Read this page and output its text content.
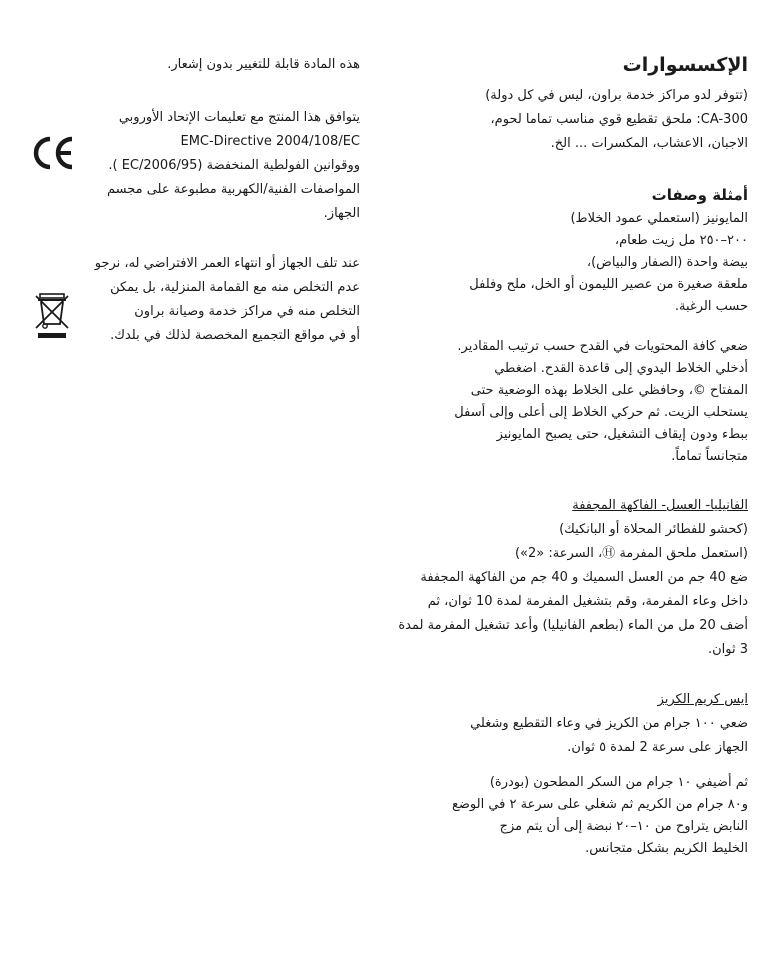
الإكسسوارات

(تتوفر لدو مراكز خدمة براون، ليس في كل دولة)

CA-300: ملحق تقطيع قوي مناسب تماما لحوم،

الاجبان، الاعشاب، المكسرات ... الخ.

أمثلة وصفات

المايونيز (استعملي عمود الخلاط)

٢٠٠–٢٥٠ مل زيت طعام،

بيضة واحدة (الصفار والبياض)،

ملعقة صغيرة من عصير الليمون أو الخل، ملح وفلفل

حسب الرغبة.

ضعي كافة المحتويات في القدح حسب ترتيب المقادير.

أدخلي الخلاط اليدوي إلى قاعدة القدح. اضغطي

المفتاح ©، وحافظي على الخلاط بهذه الوضعية حتى

يستحلب الزيت. ثم حركي الخلاط إلى أعلى وإلى أسفل

ببطء ودون إيقاف التشغيل، حتى يصبح المايونيز

متجانساً تماماً.

الفانيليا- العسل- الفاكهة المجففة

(كحشو للفطائر المحلاة أو البانكيك)

(استعمل ملحق المفرمة Ⓗ، السرعة: «2»)

ضع 40 جم من العسل السميك و 40 جم من الفاكهة المجففة

داخل وعاء المفرمة، وقم بتشغيل المفرمة لمدة 10 ثوان، ثم

أضف 20 مل من الماء (بطعم الفانيليا) وأعد تشغيل المفرمة لمدة

3 ثوان.

ايس كريم الكريز

ضعي ١٠٠ جرام من الكريز في وعاء التقطيع وشغلي

الجهاز على سرعة 2 لمدة ٥ ثوان.

ثم أضيفي ١٠ جرام من السكر المطحون (بودرة)

و٨٠ جرام من الكريم ثم شغلي على سرعة ٢ في الوضع

النابض يتراوح من ١٠–٢٠ نبضة إلى أن يتم مزج

الخليط الكريم بشكل متجانس.

هذه المادة قابلة للتغيير بدون إشعار.

يتوافق هذا المنتج مع تعليمات الإتحاد الأوروبي

EMC-Directive 2004/108/EC

ووقوانين الفولطية المنخفضة (2006/95/EC ).

المواصفات الفنية/الكهربية مطبوعة على مجسم

الجهاز.

عند تلف الجهاز أو انتهاء العمر الافتراضي له، نرجو

عدم التخلص منه مع القمامة المنزلية، بل يمكن

التخلص منه في مراكز خدمة وصيانة براون

أو في مواقع التجميع المخصصة لذلك في بلدك.
